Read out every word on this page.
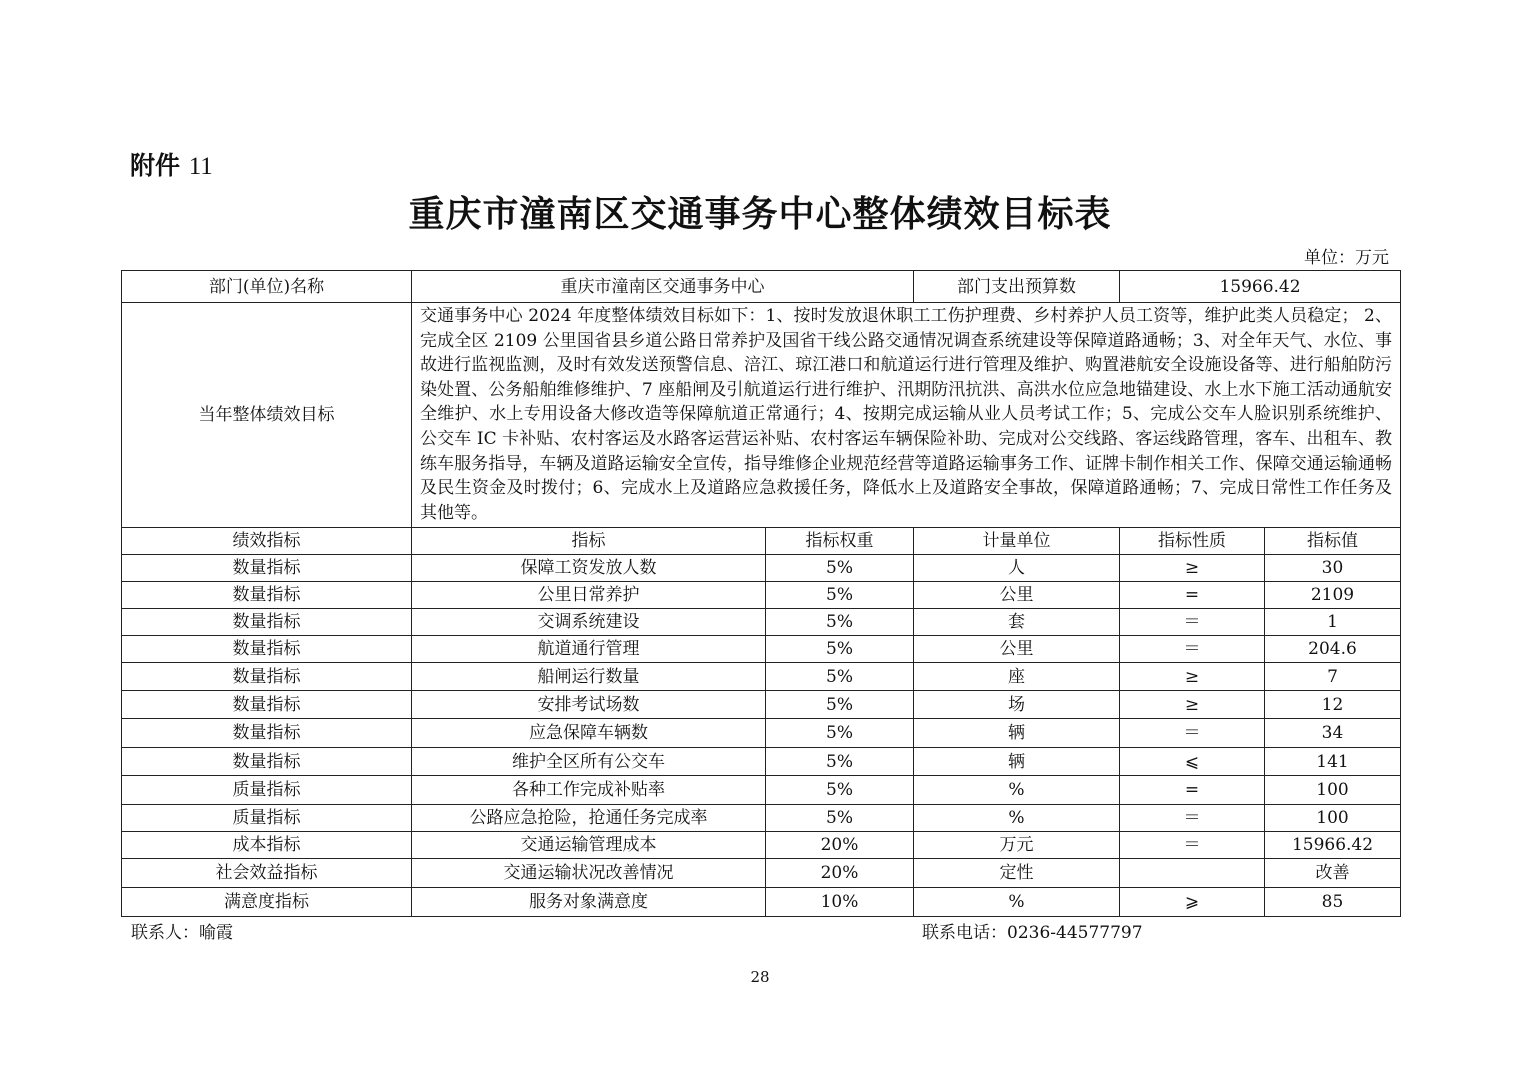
附件 11
重庆市潼南区交通事务中心整体绩效目标表
单位：万元
部门(单位)名称	重庆市潼南区交通事务中心		部门支出预算数	15966.42	
当年整体绩效目标	交通事务中心 2024 年度整体绩效目标如下：1、按时发放退休职工工伤护理费、乡村养护人员工资等，维护此类人员稳定； 2、完成全区 2109 公里国省县乡道公路日常养护及国省干线公路交通情况调查系统建设等保障道路通畅；3、对全年天气、水位、事故进行监视监测，及时有效发送预警信息、涪江、琼江港口和航道运行进行管理及维护、购置港航安全设施设备等、进行船舶防污染处置、公务船舶维修维护、7 座船闸及引航道运行进行维护、汛期防汛抗洪、高洪水位应急地锚建设、水上水下施工活动通航安全维护、水上专用设备大修改造等保障航道正常通行；4、按期完成运输从业人员考试工作；5、完成公交车人脸识别系统维护、公交车 IC 卡补贴、农村客运及水路客运营运补贴、农村客运车辆保险补助、完成对公交线路、客运线路管理，客车、出租车、教练车服务指导，车辆及道路运输安全宣传，指导维修企业规范经营等道路运输事务工作、证牌卡制作相关工作、保障交通运输通畅及民生资金及时拨付；6、完成水上及道路应急救援任务，降低水上及道路安全事故，保障道路通畅；7、完成日常性工作任务及其他等。				
绩效指标	指标	指标权重	计量单位	指标性质	指标值
数量指标	保障工资发放人数	5%	人	≥	30
数量指标	公里日常养护	5%	公里	=	2109
数量指标	交调系统建设	5%	套	＝	1
数量指标	航道通行管理	5%	公里	＝	204.6
数量指标	船闸运行数量	5%	座	≥	7
数量指标	安排考试场数	5%	场	≥	12
数量指标	应急保障车辆数	5%	辆	＝	34
数量指标	维护全区所有公交车	5%	辆	⩽	141
质量指标	各种工作完成补贴率	5%	%	=	100
质量指标	公路应急抢险，抢通任务完成率	5%	%	＝	100
成本指标	交通运输管理成本	20%	万元	＝	15966.42
社会效益指标	交通运输状况改善情况	20%	定性		改善
满意度指标	服务对象满意度	10%	%	⩾	85
联系人：喻霞	联系电话：0236-44577797
28
